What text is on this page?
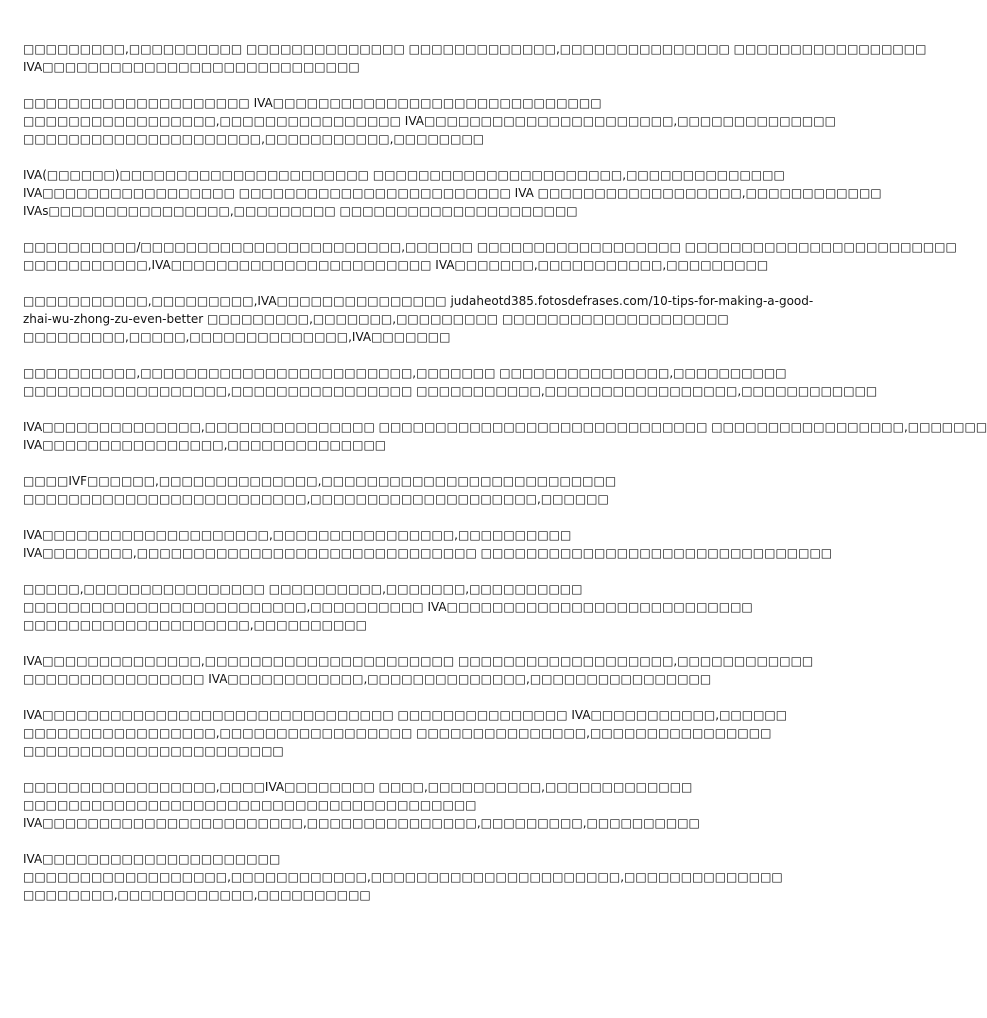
□□□□□□□□□,□□□□□□□□□□ □□□□□□□□□□□□□□ □□□□□□□□□□□□□,□□□□□□□□□□□□□□□ □□□□□□□□□□□□□□□□□
IVA□□□□□□□□□□□□□□□□□□□□□□□□□□□□
□□□□□□□□□□□□□□□□□□□□ IVA□□□□□□□□□□□□□□□□□□□□□□□□□□□□□
□□□□□□□□□□□□□□□□□,□□□□□□□□□□□□□□□□ IVA□□□□□□□□□□□□□□□□□□□□□□,□□□□□□□□□□□□□□
□□□□□□□□□□□□□□□□□□□□□,□□□□□□□□□□□,□□□□□□□□
IVA(□□□□□□)□□□□□□□□□□□□□□□□□□□□□□ □□□□□□□□□□□□□□□□□□□□□□,□□□□□□□□□□□□□□
IVA□□□□□□□□□□□□□□□□□ □□□□□□□□□□□□□□□□□□□□□□□□ IVA □□□□□□□□□□□□□□□□□□,□□□□□□□□□□□□
IVAs□□□□□□□□□□□□□□□□,□□□□□□□□□ □□□□□□□□□□□□□□□□□□□□□
□□□□□□□□□□/□□□□□□□□□□□□□□□□□□□□□□□,□□□□□□ □□□□□□□□□□□□□□□□□□ □□□□□□□□□□□□□□□□□□□□□□□□
□□□□□□□□□□□,IVA□□□□□□□□□□□□□□□□□□□□□□□ IVA□□□□□□□,□□□□□□□□□□□,□□□□□□□□□
□□□□□□□□□□□,□□□□□□□□□,IVA□□□□□□□□□□□□□□□ judaheotd385.fotosdefrases.com/10-tips-for-making-a-good-
zhai-wu-zhong-zu-even-better □□□□□□□□□,□□□□□□□,□□□□□□□□□ □□□□□□□□□□□□□□□□□□□□
□□□□□□□□□,□□□□□,□□□□□□□□□□□□□□,IVA□□□□□□□
□□□□□□□□□□,□□□□□□□□□□□□□□□□□□□□□□□□,□□□□□□□ □□□□□□□□□□□□□□□,□□□□□□□□□□
□□□□□□□□□□□□□□□□□□,□□□□□□□□□□□□□□□□ □□□□□□□□□□□,□□□□□□□□□□□□□□□□□,□□□□□□□□□□□□
IVA□□□□□□□□□□□□□□,□□□□□□□□□□□□□□□ □□□□□□□□□□□□□□□□□□□□□□□□□□□□□ □□□□□□□□□□□□□□□□□,□□□□□□□
IVA□□□□□□□□□□□□□□□□,□□□□□□□□□□□□□□
□□□□IVF□□□□□□,□□□□□□□□□□□□□□,□□□□□□□□□□□□□□□□□□□□□□□□□□
□□□□□□□□□□□□□□□□□□□□□□□□□,□□□□□□□□□□□□□□□□□□□□,□□□□□□
IVA□□□□□□□□□□□□□□□□□□□□,□□□□□□□□□□□□□□□□,□□□□□□□□□□
IVA□□□□□□□□,□□□□□□□□□□□□□□□□□□□□□□□□□□□□□□ □□□□□□□□□□□□□□□□□□□□□□□□□□□□□□□
□□□□□,□□□□□□□□□□□□□□□□ □□□□□□□□□□,□□□□□□□,□□□□□□□□□□
□□□□□□□□□□□□□□□□□□□□□□□□□,□□□□□□□□□□ IVA□□□□□□□□□□□□□□□□□□□□□□□□□□□
□□□□□□□□□□□□□□□□□□□□,□□□□□□□□□□
IVA□□□□□□□□□□□□□□,□□□□□□□□□□□□□□□□□□□□□□ □□□□□□□□□□□□□□□□□□□,□□□□□□□□□□□□
□□□□□□□□□□□□□□□□ IVA□□□□□□□□□□□□,□□□□□□□□□□□□□□,□□□□□□□□□□□□□□□□
IVA□□□□□□□□□□□□□□□□□□□□□□□□□□□□□□□ □□□□□□□□□□□□□□□ IVA□□□□□□□□□□□,□□□□□□
□□□□□□□□□□□□□□□□□,□□□□□□□□□□□□□□□□□ □□□□□□□□□□□□□□□,□□□□□□□□□□□□□□□□
□□□□□□□□□□□□□□□□□□□□□□□
□□□□□□□□□□□□□□□□□,□□□□IVA□□□□□□□□ □□□□,□□□□□□□□□□,□□□□□□□□□□□□□
□□□□□□□□□□□□□□□□□□□□□□□□□□□□□□□□□□□□□□□□
IVA□□□□□□□□□□□□□□□□□□□□□□□,□□□□□□□□□□□□□□□,□□□□□□□□□,□□□□□□□□□□
IVA□□□□□□□□□□□□□□□□□□□□□
□□□□□□□□□□□□□□□□□□,□□□□□□□□□□□□,□□□□□□□□□□□□□□□□□□□□□□,□□□□□□□□□□□□□□
□□□□□□□□,□□□□□□□□□□□□,□□□□□□□□□□
